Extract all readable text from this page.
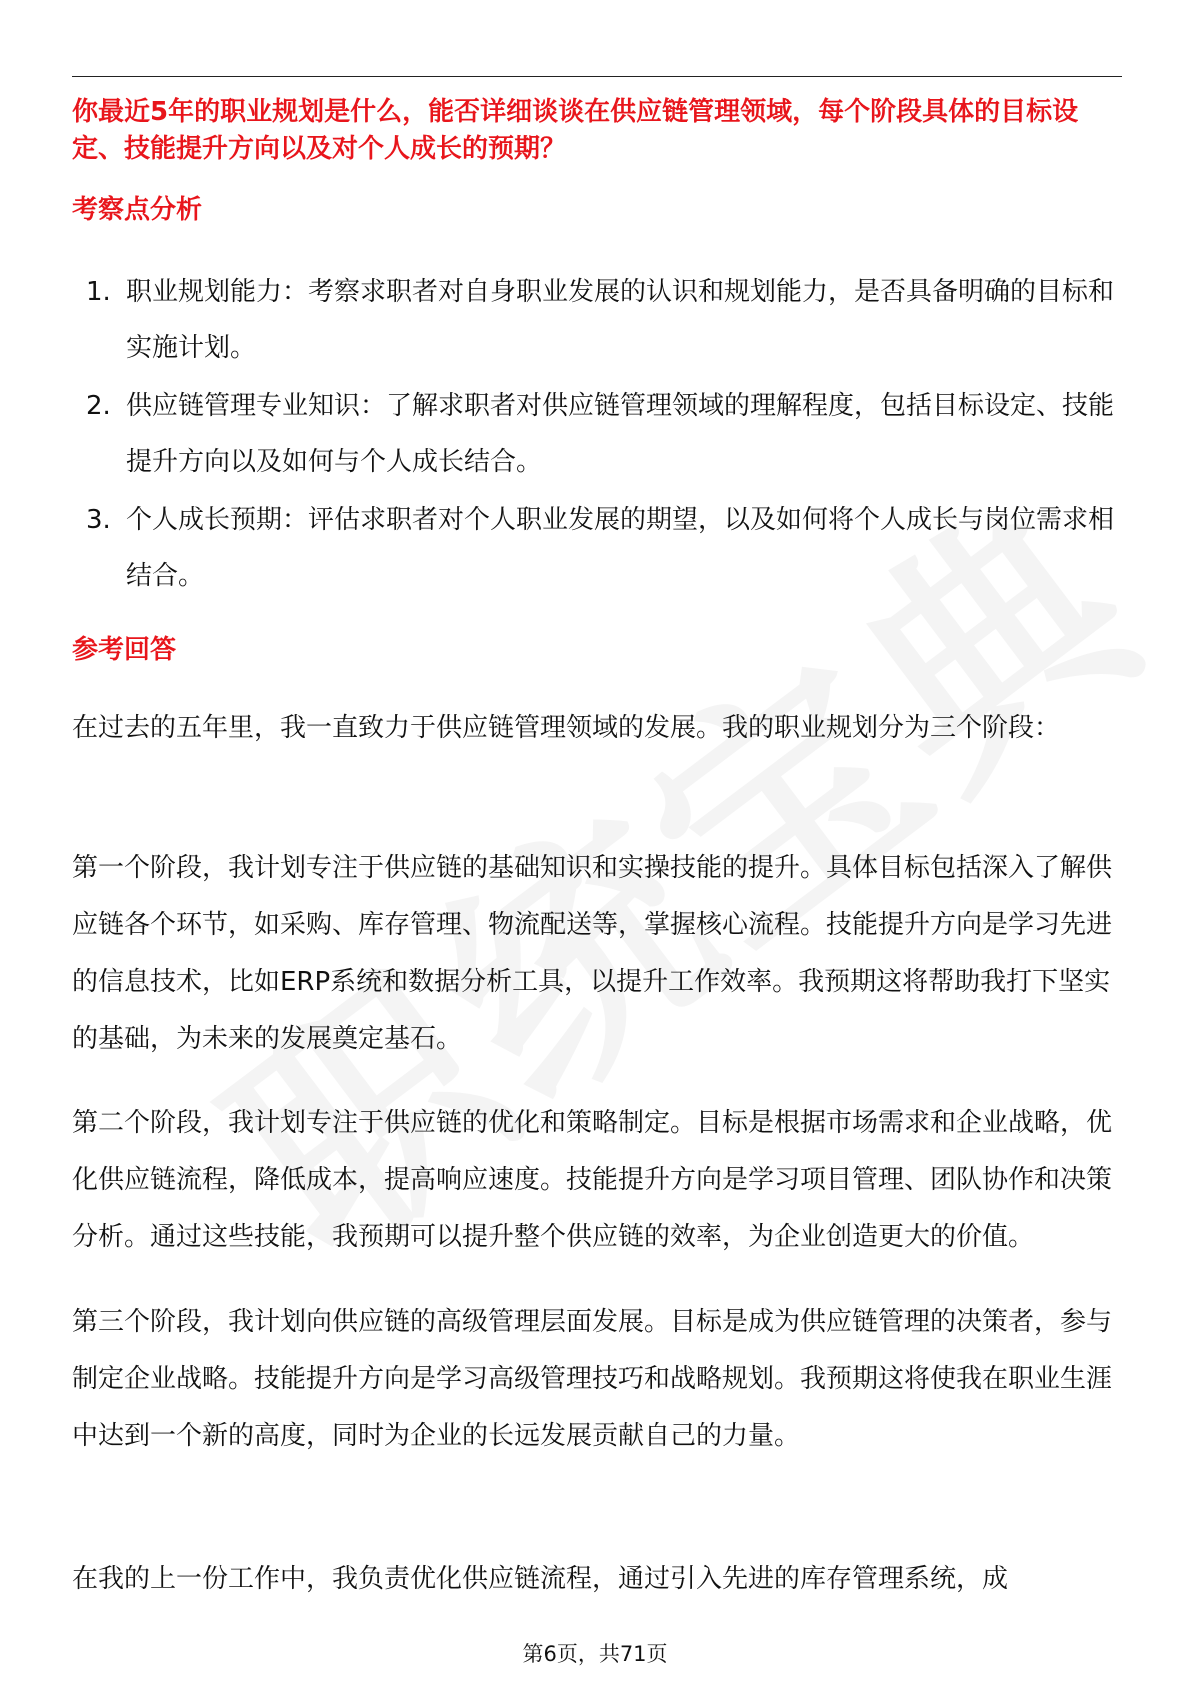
你最近5年的职业规划是什么，能否详细谈谈在供应链管理领域，每个阶段具体的目标设定、技能提升方向以及对个人成长的预期？

考察点分析
1. 职业规划能力：考察求职者对自身职业发展的认识和规划能力，是否具备明确的目标和实施计划。
2. 供应链管理专业知识：了解求职者对供应链管理领域的理解程度，包括目标设定、技能提升方向以及如何与个人成长结合。
3. 个人成长预期：评估求职者对个人职业发展的期望，以及如何将个人成长与岗位需求相结合。
参考回答

在过去的五年里，我一直致力于供应链管理领域的发展。我的职业规划分为三个阶段：

第一个阶段，我计划专注于供应链的基础知识和实操技能的提升。具体目标包括深入了解供应链各个环节，如采购、库存管理、物流配送等，掌握核心流程。技能提升方向是学习先进的信息技术，比如ERP系统和数据分析工具，以提升工作效率。我预期这将帮助我打下坚实的基础，为未来的发展奠定基石。

第二个阶段，我计划专注于供应链的优化和策略制定。目标是根据市场需求和企业战略，优化供应链流程，降低成本，提高响应速度。技能提升方向是学习项目管理、团队协作和决策分析。通过这些技能，我预期可以提升整个供应链的效率，为企业创造更大的价值。

第三个阶段，我计划向供应链的高级管理层面发展。目标是成为供应链管理的决策者，参与制定企业战略。技能提升方向是学习高级管理技巧和战略规划。我预期这将使我在职业生涯中达到一个新的高度，同时为企业的长远发展贡献自己的力量。

在我的上一份工作中，我负责优化供应链流程，通过引入先进的库存管理系统，成

第6页，共71页
